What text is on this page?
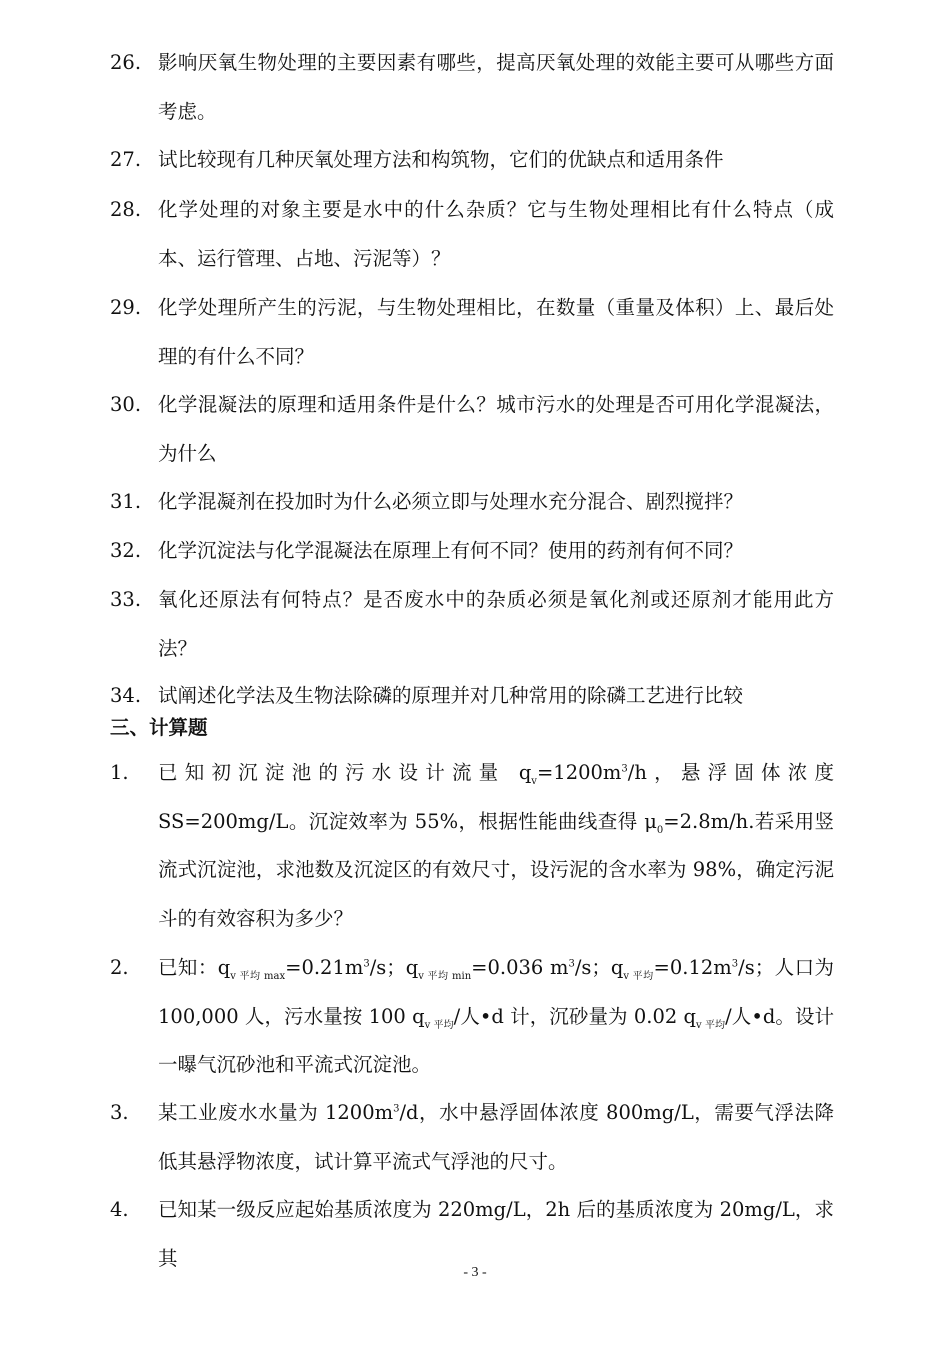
26. 影响厌氧生物处理的主要因素有哪些，提高厌氧处理的效能主要可从哪些方面考虑。
27. 试比较现有几种厌氧处理方法和构筑物，它们的优缺点和适用条件
28. 化学处理的对象主要是水中的什么杂质？它与生物处理相比有什么特点（成本、运行管理、占地、污泥等）？
29. 化学处理所产生的污泥，与生物处理相比，在数量（重量及体积）上、最后处理的有什么不同？
30. 化学混凝法的原理和适用条件是什么？城市污水的处理是否可用化学混凝法，为什么
31. 化学混凝剂在投加时为什么必须立即与处理水充分混合、剧烈搅拌？
32. 化学沉淀法与化学混凝法在原理上有何不同？使用的药剂有何不同？
33. 氧化还原法有何特点？是否废水中的杂质必须是氧化剂或还原剂才能用此方法？
34. 试阐述化学法及生物法除磷的原理并对几种常用的除磷工艺进行比较
三、计算题
1.	已知初沉淀池的污水设计流量 $q_v=1200m^3/h$，悬浮固体浓度 SS=200mg/L。沉淀效率为 55%，根据性能曲线查得 $\mu_0=2.8m/h$.若采用竖流式沉淀池，求池数及沉淀区的有效尺寸，设污泥的含水率为 98%，确定污泥斗的有效容积为多少？
2.	已知：$q_{v 平均 max}=0.21m^3/s$；$q_{v 平均 min}=0.036$ $m^3/s$；$q_{v 平均}=0.12m^3/s$；人口为 100,000 人，污水量按 100 $q_{v 平均}/$人•d 计，沉砂量为 0.02 $q_{v 平均}/$人•d。设计一曝气沉砂池和平流式沉淀池。
3.	某工业废水水量为 $1200m^3/d$，水中悬浮固体浓度 800mg/L，需要气浮法降低其悬浮物浓度，试计算平流式气浮池的尺寸。
4.	已知某一级反应起始基质浓度为 220mg/L，2h 后的基质浓度为 20mg/L，求其
- 3 -
